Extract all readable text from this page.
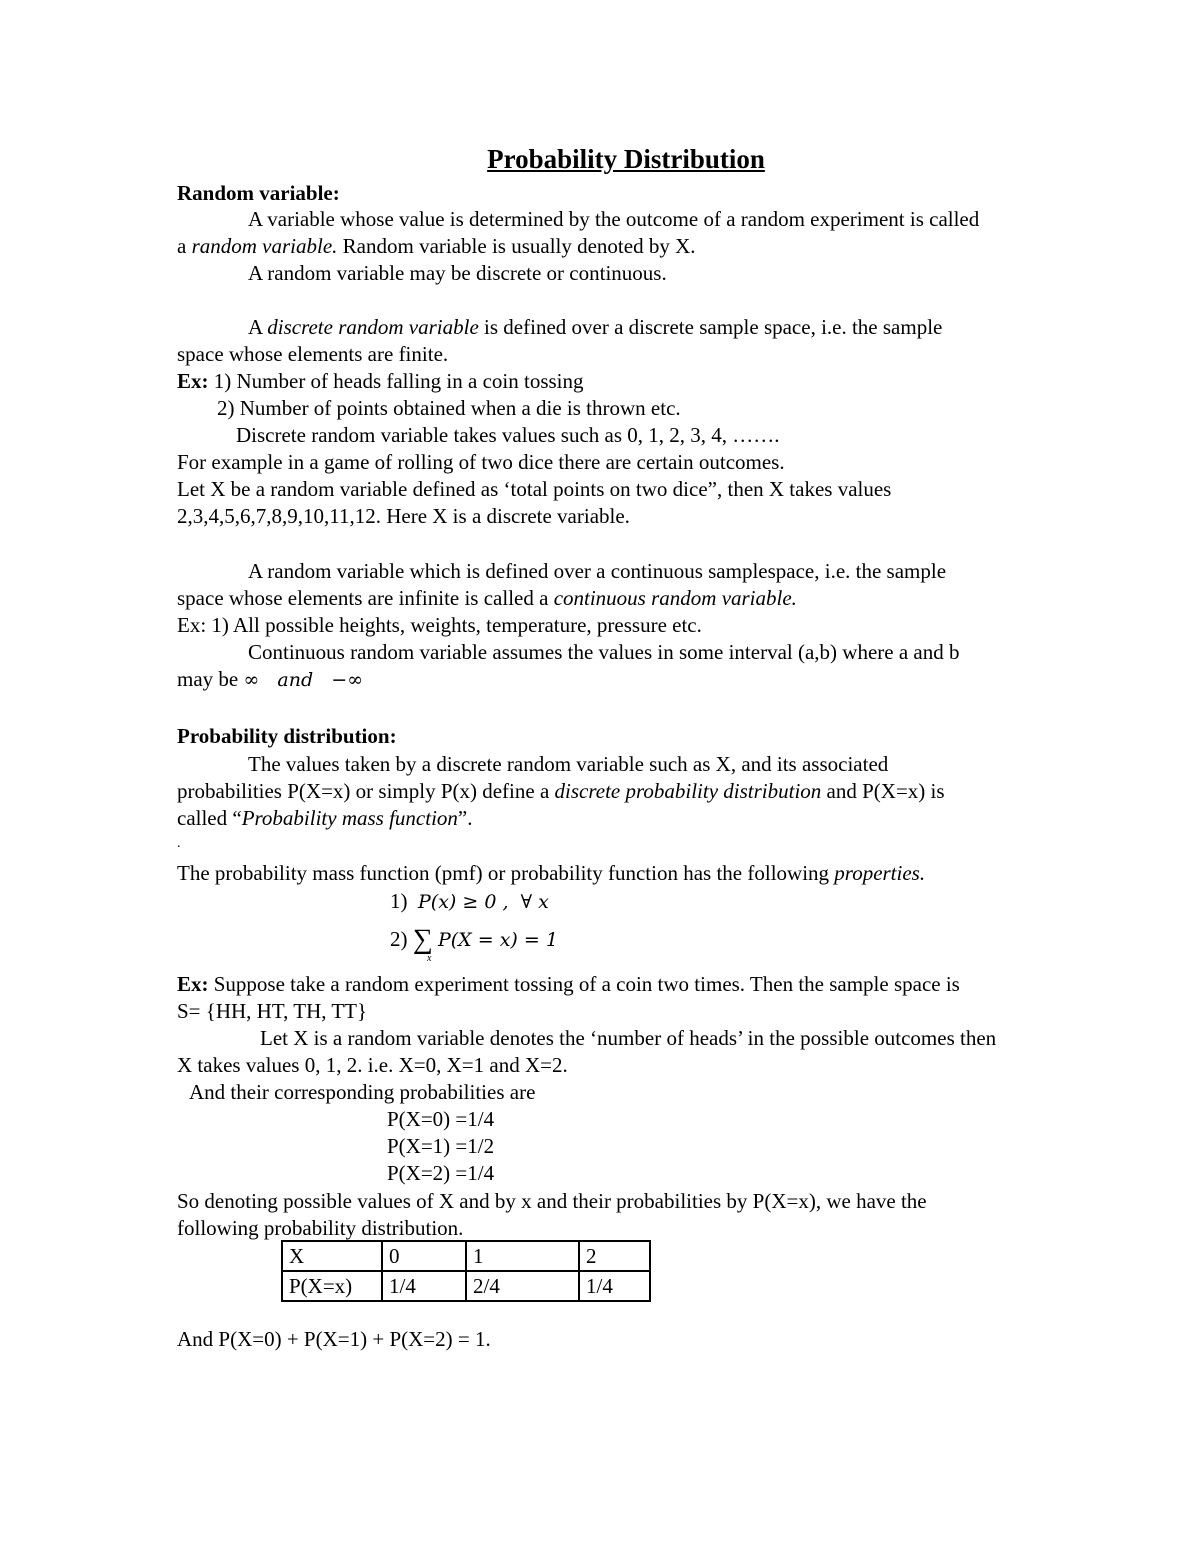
Probability Distribution
Random variable:
A variable whose value is determined by the outcome of a random experiment is called
a random variable. Random variable is usually denoted by X.
A random variable may be discrete or continuous.
A discrete random variable is defined over a discrete sample space, i.e. the sample
space whose elements are finite.
Ex: 1) Number of heads falling in a coin tossing
2) Number of points obtained when a die is thrown etc.
Discrete random variable takes values such as 0, 1, 2, 3, 4, …….
For example in a game of rolling of two dice there are certain outcomes.
Let X be a random variable defined as ‘total points on two dice”, then X takes values
2,3,4,5,6,7,8,9,10,11,12. Here X is a discrete variable.
A random variable which is defined over a continuous samplespace, i.e. the sample
space whose elements are infinite is called a continuous random variable.
Ex: 1) All possible heights, weights, temperature, pressure etc.
Continuous random variable assumes the values in some interval (a,b) where a and b
may be ∞   and   −∞
Probability distribution:
The values taken by a discrete random variable such as X, and its associated
probabilities P(X=x) or simply P(x) define a discrete probability distribution and P(X=x) is
called “Probability mass function”.
.
The probability mass function (pmf) or probability function has the following properties.
1) P(x) ≥ 0 ,  ∀ x
2) ∑ P(X = x) = 1
x
Ex: Suppose take a random experiment tossing of a coin two times. Then the sample space is
S= {HH, HT, TH, TT}
Let X is a random variable denotes the ‘number of heads’ in the possible outcomes then
X takes values 0, 1, 2. i.e. X=0, X=1 and X=2.
And their corresponding probabilities are
P(X=0) =1/4
P(X=1) =1/2
P(X=2) =1/4
So denoting possible values of X and by x and their probabilities by P(X=x), we have the
following probability distribution.
X	0	1	2
P(X=x)	1/4	2/4	1/4
And P(X=0) + P(X=1) + P(X=2) = 1.
